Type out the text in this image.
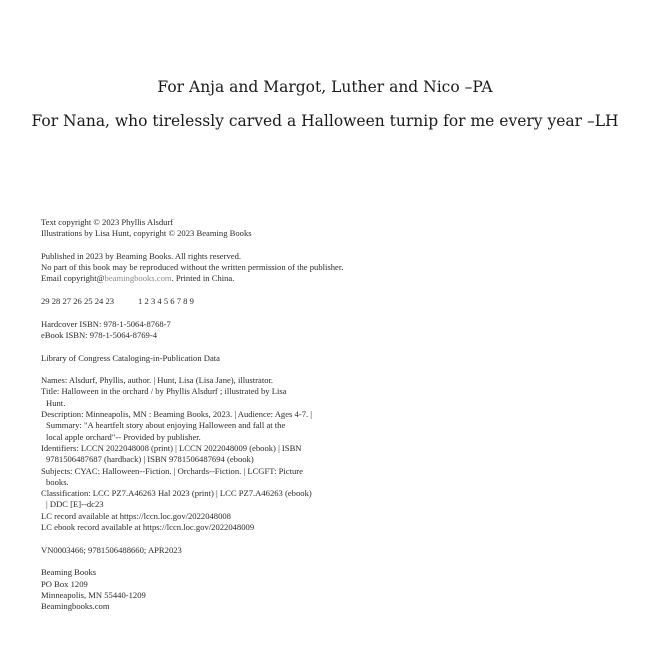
For Anja and Margot, Luther and Nico –PA
For Nana, who tirelessly carved a Halloween turnip for me every year –LH
Text copyright © 2023 Phyllis Alsdurf
Illustrations by Lisa Hunt, copyright © 2023 Beaming Books
Published in 2023 by Beaming Books. All rights reserved.
No part of this book may be reproduced without the written permission of the publisher.
Email copyright@beamingbooks.com. Printed in China.
29 28 27 26 25 24 23	1 2 3 4 5 6 7 8 9
Hardcover ISBN: 978-1-5064-8768-7
eBook ISBN: 978-1-5064-8769-4
Library of Congress Cataloging-in-Publication Data
Names: Alsdurf, Phyllis, author. | Hunt, Lisa (Lisa Jane), illustrator.
Title: Halloween in the orchard / by Phyllis Alsdurf ; illustrated by Lisa
Hunt.
Description: Minneapolis, MN : Beaming Books, 2023. | Audience: Ages 4-7. |
Summary: "A heartfelt story about enjoying Halloween and fall at the
local apple orchard"-- Provided by publisher.
Identifiers: LCCN 2022048008 (print) | LCCN 2022048009 (ebook) | ISBN
9781506487687 (hardback) | ISBN 9781506487694 (ebook)
Subjects: CYAC: Halloween--Fiction. | Orchards--Fiction. | LCGFT: Picture
books.
Classification: LCC PZ7.A46263 Hal 2023 (print) | LCC PZ7.A46263 (ebook)
| DDC [E]--dc23
LC record available at https://lccn.loc.gov/2022048008
LC ebook record available at https://lccn.loc.gov/2022048009
VN0003466; 9781506488660; APR2023
Beaming Books
PO Box 1209
Minneapolis, MN 55440-1209
Beamingbooks.com
